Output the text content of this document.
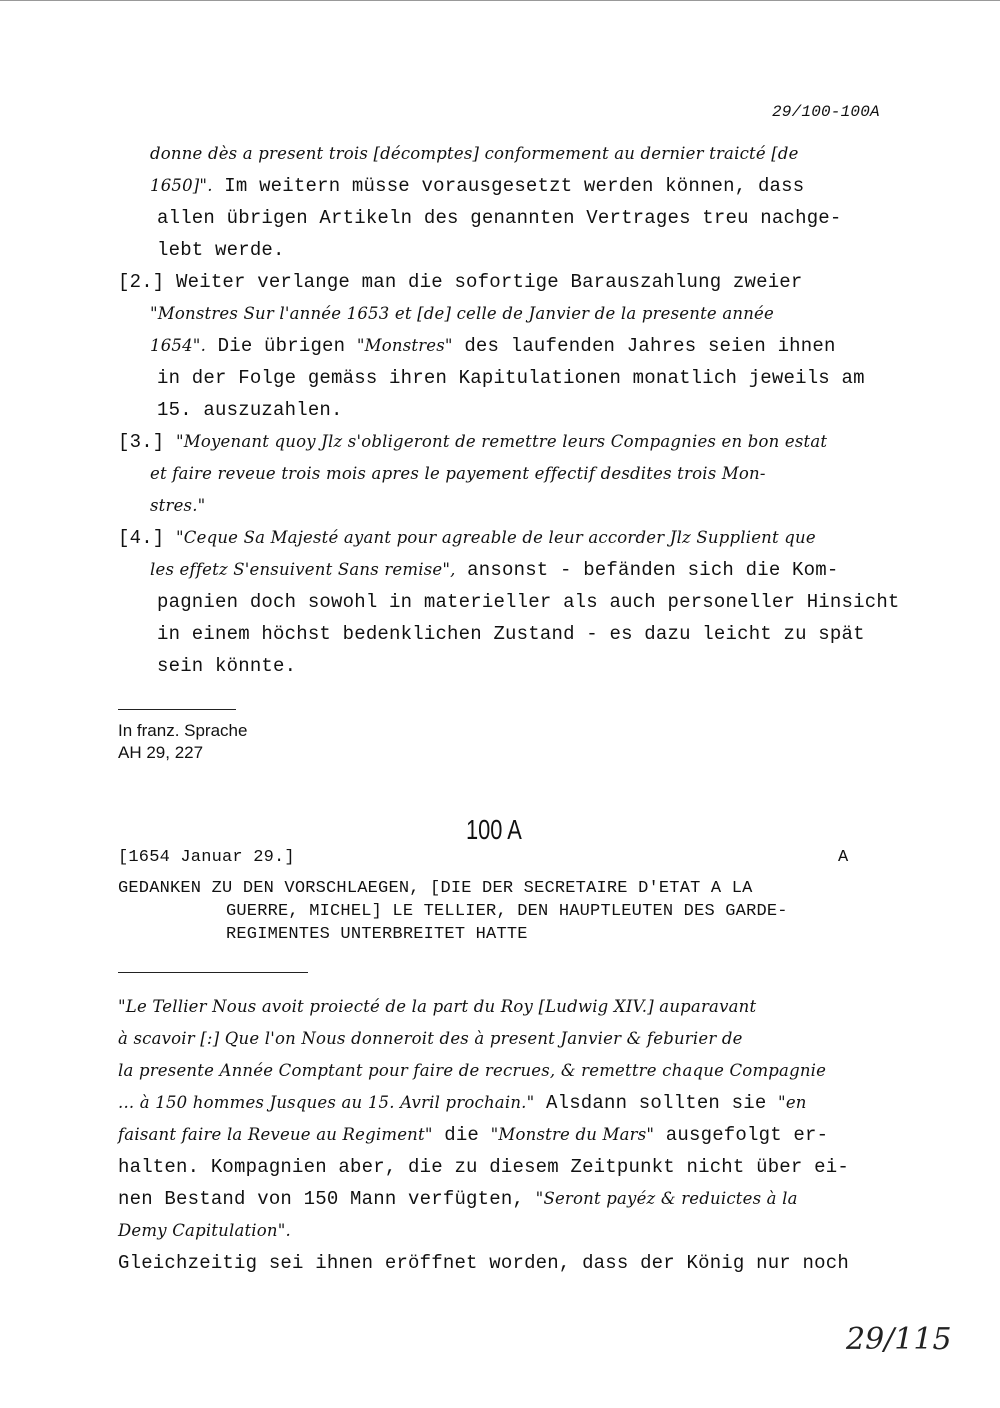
29/100-100A
donne dès a present trois [décomptes] conformement au dernier traicté [de
1650]". Im weitern müsse vorausgesetzt werden können, dass
allen übrigen Artikeln des genannten Vertrages treu nachge-
lebt werde.
[2.] Weiter verlange man die sofortige Barauszahlung zweier
"Monstres Sur l'année 1653 et [de] celle de Janvier de la presente année
1654". Die übrigen "Monstres" des laufenden Jahres seien ihnen
in der Folge gemäss ihren Kapitulationen monatlich jeweils am
15. auszuzahlen.
[3.] "Moyenant quoy Jlz s'obligeront de remettre leurs Compagnies en bon estat
et faire reveue trois mois apres le payement effectif desdites trois Mon-
stres."
[4.] "Ceque Sa Majesté ayant pour agreable de leur accorder Jlz Supplient que
les effetz S'ensuivent Sans remise", ansonst - befänden sich die Kom-
pagnien doch sowohl in materieller als auch personeller Hinsicht
in einem höchst bedenklichen Zustand - es dazu leicht zu spät
sein könnte.
In franz. Sprache
AH 29, 227
100 A
[1654 Januar 29.]	A
GEDANKEN ZU DEN VORSCHLAEGEN, [DIE DER SECRETAIRE D'ETAT A LA
GUERRE, MICHEL] LE TELLIER, DEN HAUPTLEUTEN DES GARDE-
REGIMENTES UNTERBREITET HATTE
"Le Tellier Nous avoit proiecté de la part du Roy [Ludwig XIV.] auparavant
à scavoir [:] Que l'on Nous donneroit des à present Janvier & feburier de
la presente Année Comptant pour faire de recrues, & remettre chaque Compagnie
... à 150 hommes Jusques au 15. Avril prochain." Alsdann sollten sie "en
faisant faire la Reveue au Regiment" die "Monstre du Mars" ausgefolgt er-
halten. Kompagnien aber, die zu diesem Zeitpunkt nicht über ei-
nen Bestand von 150 Mann verfügten, "Seront payéz & reduictes à la
Demy Capitulation".
Gleichzeitig sei ihnen eröffnet worden, dass der König nur noch
29/115
